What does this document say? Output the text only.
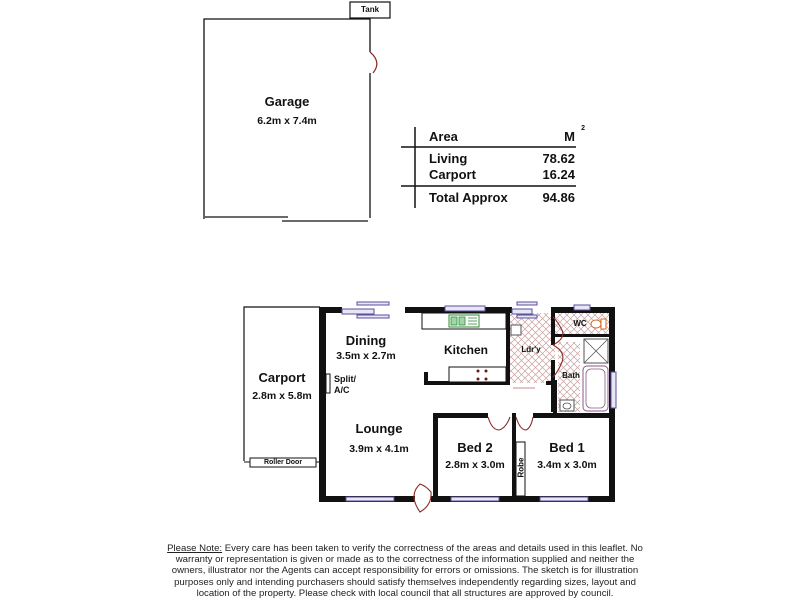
Tank
Garage
6.2m x 7.4m
Area	M
2
Living	78.62
Carport	16.24
Total Approx	94.86
Carport
2.8m x 5.8m
Roller Door
Dining
3.5m x 2.7m
Split/
A/C
Kitchen	Ldr'y
WC
Bath
Lounge
3.9m x 4.1m	Bed 2
2.8m x 3.0m
Bed 1
3.4m x 3.0m
Robe
Please Note: Every care has been taken to verify the correctness of the areas and details used in this leaflet. No warranty or representation is given or made as to the correctness of the information supplied and neither the owners, illustrator nor the Agents can accept responsibility for errors or omissions. The sketch is for illustration purposes only and intending purchasers should satisfy themselves independently regarding sizes, layout and location of the property. Please check with local council that all structures are approved by council.
